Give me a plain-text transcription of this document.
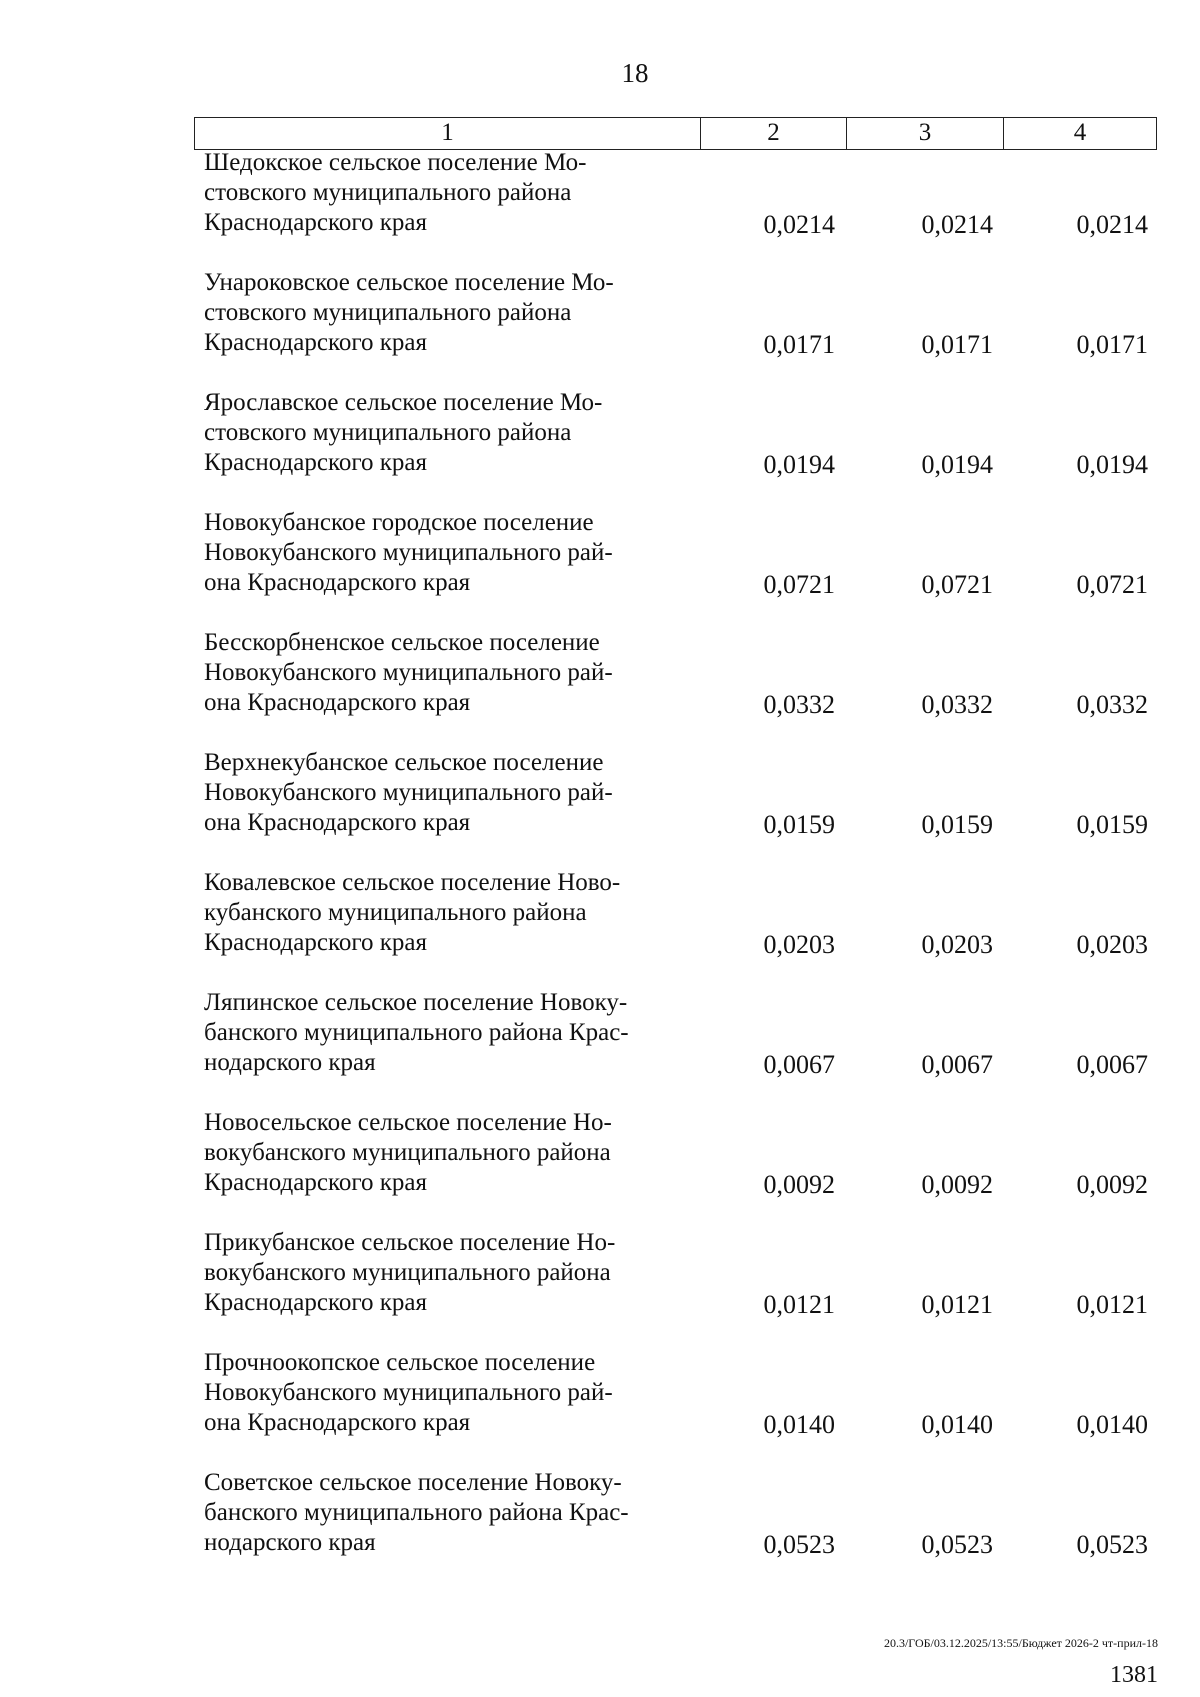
18
1	2	3	4
Шедокское сельское поселение Мо-
стовского муниципального района
Краснодарского края	0,0214	0,0214	0,0214
Унароковское сельское поселение Мо-
стовского муниципального района
Краснодарского края	0,0171	0,0171	0,0171
Ярославское сельское поселение Мо-
стовского муниципального района
Краснодарского края	0,0194	0,0194	0,0194
Новокубанское городское поселение
Новокубанского муниципального рай-
она Краснодарского края	0,0721	0,0721	0,0721
Бесскорбненское сельское поселение
Новокубанского муниципального рай-
она Краснодарского края	0,0332	0,0332	0,0332
Верхнекубанское сельское поселение
Новокубанского муниципального рай-
она Краснодарского края	0,0159	0,0159	0,0159
Ковалевское сельское поселение Ново-
кубанского муниципального района
Краснодарского края	0,0203	0,0203	0,0203
Ляпинское сельское поселение Новоку-
банского муниципального района Крас-
нодарского края	0,0067	0,0067	0,0067
Новосельское сельское поселение Но-
вокубанского муниципального района
Краснодарского края	0,0092	0,0092	0,0092
Прикубанское сельское поселение Но-
вокубанского муниципального района
Краснодарского края	0,0121	0,0121	0,0121
Прочноокопское сельское поселение
Новокубанского муниципального рай-
она Краснодарского края	0,0140	0,0140	0,0140
Советское сельское поселение Новоку-
банского муниципального района Крас-
нодарского края	0,0523	0,0523	0,0523
20.3/ГОБ/03.12.2025/13:55/Бюджет 2026-2 чт-прил-18
1381
